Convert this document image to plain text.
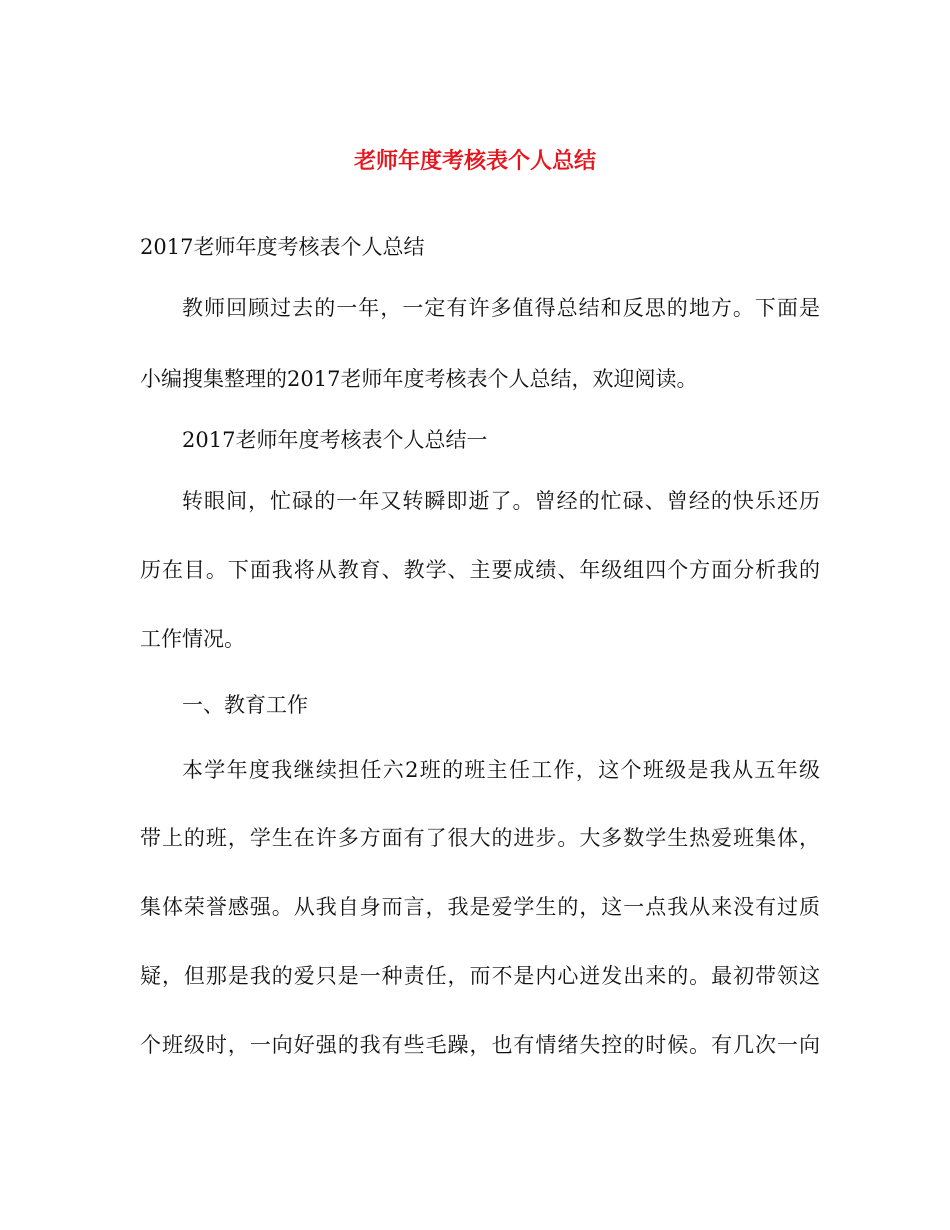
老师年度考核表个人总结

2017老师年度考核表个人总结

教师回顾过去的一年，一定有许多值得总结和反思的地方。下面是

小编搜集整理的2017老师年度考核表个人总结，欢迎阅读。

2017老师年度考核表个人总结一

转眼间，忙碌的一年又转瞬即逝了。曾经的忙碌、曾经的快乐还历

历在目。下面我将从教育、教学、主要成绩、年级组四个方面分析我的

工作情况。

一、教育工作

本学年度我继续担任六2班的班主任工作，这个班级是我从五年级

带上的班，学生在许多方面有了很大的进步。大多数学生热爱班集体，

集体荣誉感强。从我自身而言，我是爱学生的，这一点我从来没有过质

疑，但那是我的爱只是一种责任，而不是内心迸发出来的。最初带领这

个班级时，一向好强的我有些毛躁，也有情绪失控的时候。有几次一向
